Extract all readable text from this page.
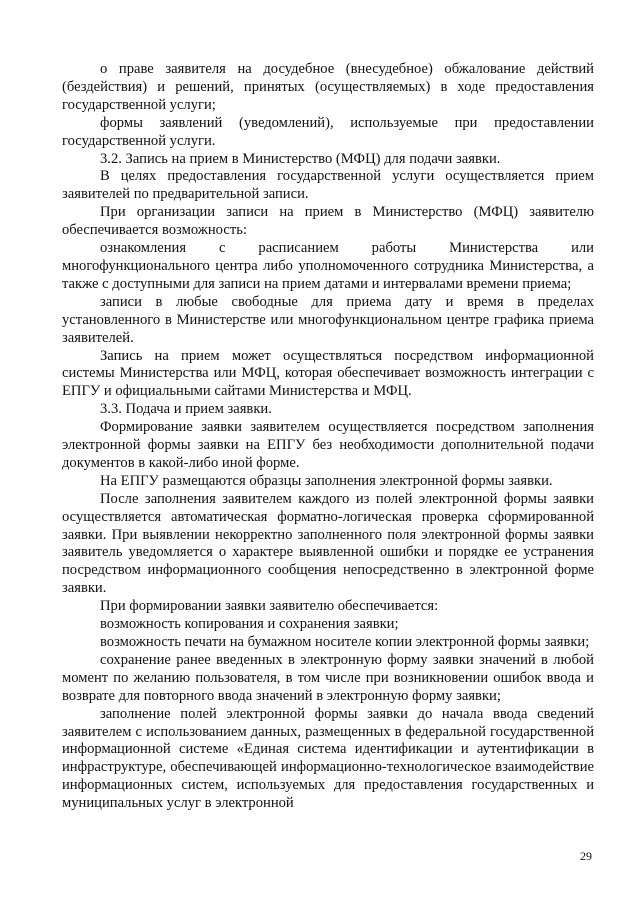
о праве заявителя на досудебное (внесудебное) обжалование действий (бездействия) и решений, принятых (осуществляемых) в ходе предоставления государственной услуги;

формы заявлений (уведомлений), используемые при предоставлении государственной услуги.

3.2. Запись на прием в Министерство (МФЦ) для подачи заявки.

В целях предоставления государственной услуги осуществляется прием заявителей по предварительной записи.

При организации записи на прием в Министерство (МФЦ) заявителю обеспечивается возможность:

ознакомления с расписанием работы Министерства или многофункционального центра либо уполномоченного сотрудника Министерства, а также с доступными для записи на прием датами и интервалами времени приема;

записи в любые свободные для приема дату и время в пределах установленного в Министерстве или многофункциональном центре графика приема заявителей.

Запись на прием может осуществляться посредством информационной системы Министерства или МФЦ, которая обеспечивает возможность интеграции с ЕПГУ и официальными сайтами Министерства и МФЦ.

3.3. Подача и прием заявки.

Формирование заявки заявителем осуществляется посредством заполнения электронной формы заявки на ЕПГУ без необходимости дополнительной подачи документов в какой-либо иной форме.

На ЕПГУ размещаются образцы заполнения электронной формы заявки.

После заполнения заявителем каждого из полей электронной формы заявки осуществляется автоматическая форматно-логическая проверка сформированной заявки. При выявлении некорректно заполненного поля электронной формы заявки заявитель уведомляется о характере выявленной ошибки и порядке ее устранения посредством информационного сообщения непосредственно в электронной форме заявки.

При формировании заявки заявителю обеспечивается:

возможность копирования и сохранения заявки;

возможность печати на бумажном носителе копии электронной формы заявки;

сохранение ранее введенных в электронную форму заявки значений в любой момент по желанию пользователя, в том числе при возникновении ошибок ввода и возврате для повторного ввода значений в электронную форму заявки;

заполнение полей электронной формы заявки до начала ввода сведений заявителем с использованием данных, размещенных в федеральной государственной информационной системе «Единая система идентификации и аутентификации в инфраструктуре, обеспечивающей информационно-технологическое взаимодействие информационных систем, используемых для предоставления государственных и муниципальных услуг в электронной

29
